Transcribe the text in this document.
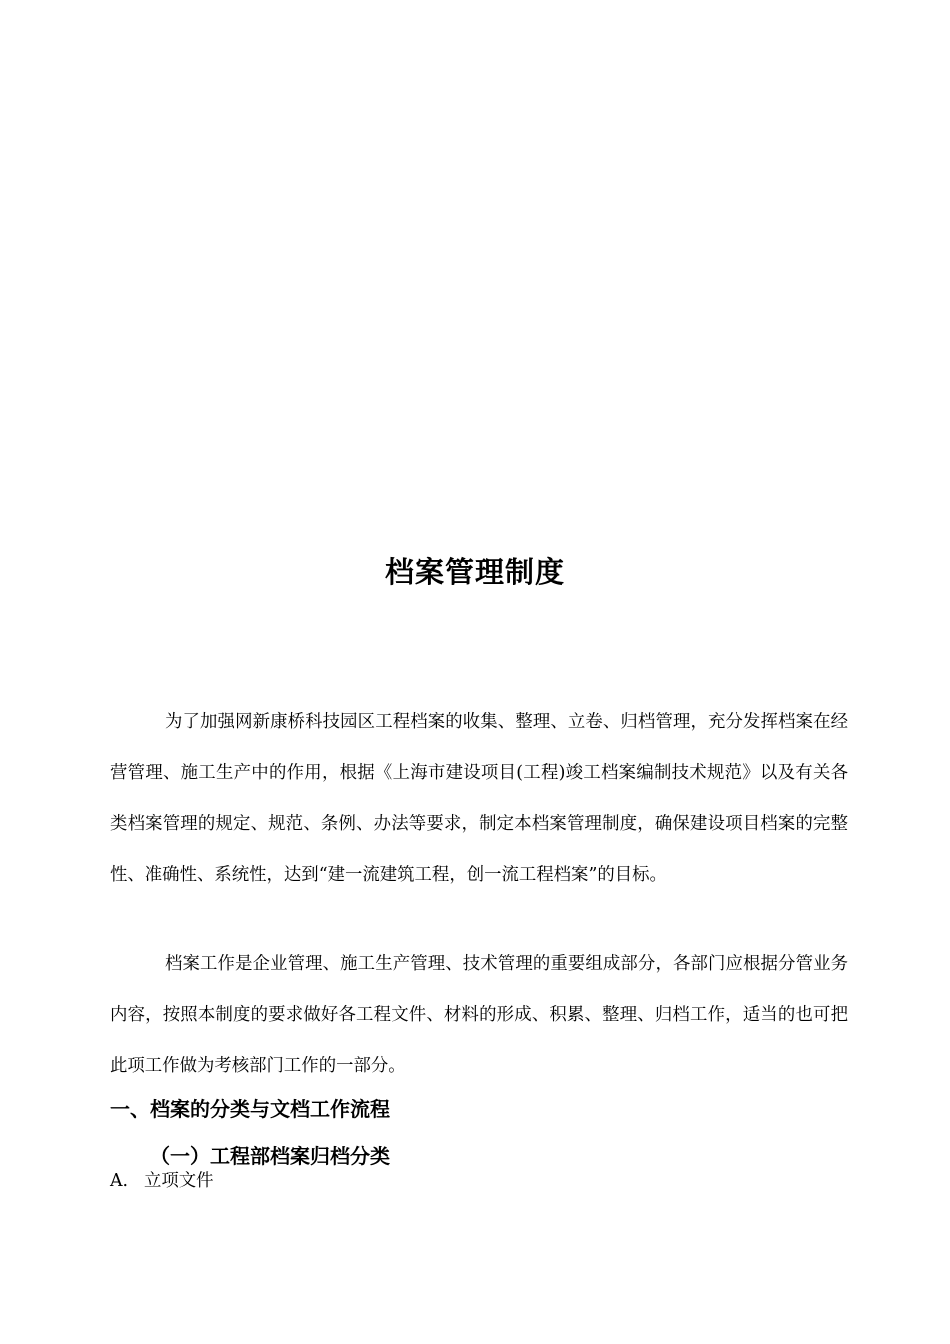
档案管理制度

为了加强网新康桥科技园区工程档案的收集、整理、立卷、归档管理，充分发挥档案在经营管理、施工生产中的作用，根据《上海市建设项目(工程)竣工档案编制技术规范》以及有关各类档案管理的规定、规范、条例、办法等要求，制定本档案管理制度，确保建设项目档案的完整性、准确性、系统性，达到“建一流建筑工程，创一流工程档案”的目标。

档案工作是企业管理、施工生产管理、技术管理的重要组成部分，各部门应根据分管业务内容，按照本制度的要求做好各工程文件、材料的形成、积累、整理、归档工作，适当的也可把此项工作做为考核部门工作的一部分。

一、档案的分类与文档工作流程
（一）工程部档案归档分类
A. 立项文件
